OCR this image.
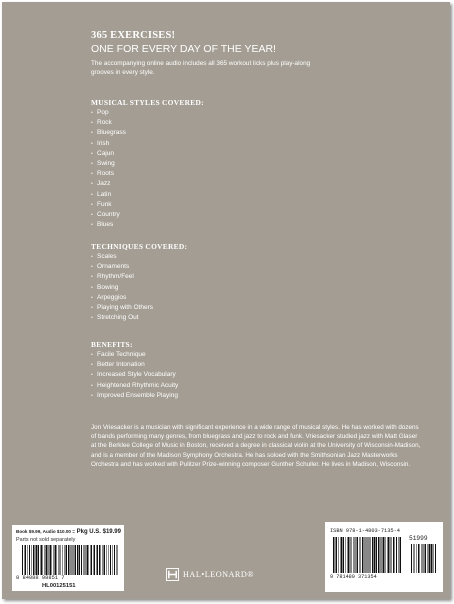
365 EXERCISES!
ONE FOR EVERY DAY OF THE YEAR!
The accompanying online audio includes all 365 workout licks plus play-along grooves in every style.
MUSICAL STYLES COVERED:
• Pop
• Rock
• Bluegrass
• Irish
• Cajun
• Swing
• Roots
• Jazz
• Latin
• Funk
• Country
• Blues
TECHNIQUES COVERED:
• Scales
• Ornaments
• Rhythm/Feel
• Bowing
• Arpeggios
• Playing with Others
• Stretching Out
BENEFITS:
• Facile Technique
• Better Intonation
• Increased Style Vocabulary
• Heightened Rhythmic Acuity
• Improved Ensemble Playing
Jon Vriesacker is a musician with significant experience in a wide range of musical styles. He has worked with dozens of bands performing many genres, from bluegrass and jazz to rock and funk. Vriesacker studied jazz with Matt Glaser at the Berklee College of Music in Boston, received a degree in classical violin at the University of Wisconsin-Madison, and is a member of the Madison Symphony Orchestra. He has soloed with the Smithsonian Jazz Masterworks Orchestra and has worked with Pulitzer Prize-winning composer Gunther Schuller. He lives in Madison, Wisconsin.
Book $9.99, Audio $10.00 = Pkg U.S. $19.99
Parts not sold separately
8 84088 98851 7
HL00125151
HAL•LEONARD®
ISBN 978-1-4803-7135-4
51999
9 781480 371354
